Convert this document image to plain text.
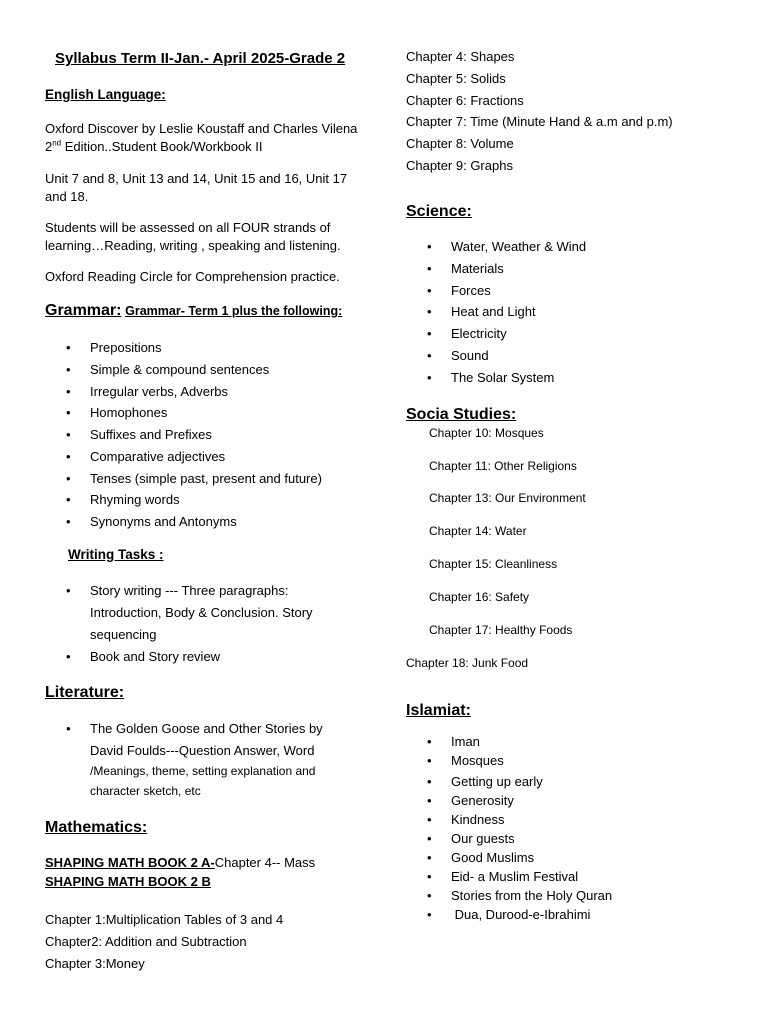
Syllabus Term II-Jan.- April 2025-Grade 2
English Language:
Oxford Discover by Leslie Koustaff and Charles Vilena
2nd Edition..Student Book/Workbook II
Unit 7 and 8, Unit 13 and 14, Unit 15 and 16, Unit 17
and 18.
Students will be assessed on all FOUR strands of
learning…Reading, writing , speaking and listening.
Oxford Reading Circle for Comprehension practice.
Grammar: Grammar- Term 1 plus the following:
• Prepositions
• Simple & compound sentences
• Irregular verbs, Adverbs
• Homophones
• Suffixes and Prefixes
• Comparative adjectives
• Tenses (simple past, present and future)
• Rhyming words
• Synonyms and Antonyms
Writing Tasks :
• Story writing --- Three paragraphs:
Introduction, Body & Conclusion. Story
sequencing
• Book and Story review
Literature:
• The Golden Goose and Other Stories by
David Foulds---Question Answer, Word
/Meanings, theme, setting explanation and
character sketch, etc
Mathematics:
SHAPING MATH BOOK 2 A-Chapter 4-- Mass
SHAPING MATH BOOK 2 B
Chapter 1:Multiplication Tables of 3 and 4
Chapter2: Addition and Subtraction
Chapter 3:Money
Chapter 4: Shapes
Chapter 5: Solids
Chapter 6: Fractions
Chapter 7: Time (Minute Hand & a.m and p.m)
Chapter 8: Volume
Chapter 9: Graphs
Science:
• Water, Weather & Wind
• Materials
• Forces
• Heat and Light
• Electricity
• Sound
• The Solar System
Socia Studies:
Chapter 10: Mosques
Chapter 11: Other Religions
Chapter 13: Our Environment
Chapter 14: Water
Chapter 15: Cleanliness
Chapter 16: Safety
Chapter 17: Healthy Foods
Chapter 18: Junk Food
Islamiat:
• Iman
• Mosques
• Getting up early
• Generosity
• Kindness
• Our guests
• Good Muslims
• Eid- a Muslim Festival
• Stories from the Holy Quran
• Dua, Durood-e-Ibrahimi
